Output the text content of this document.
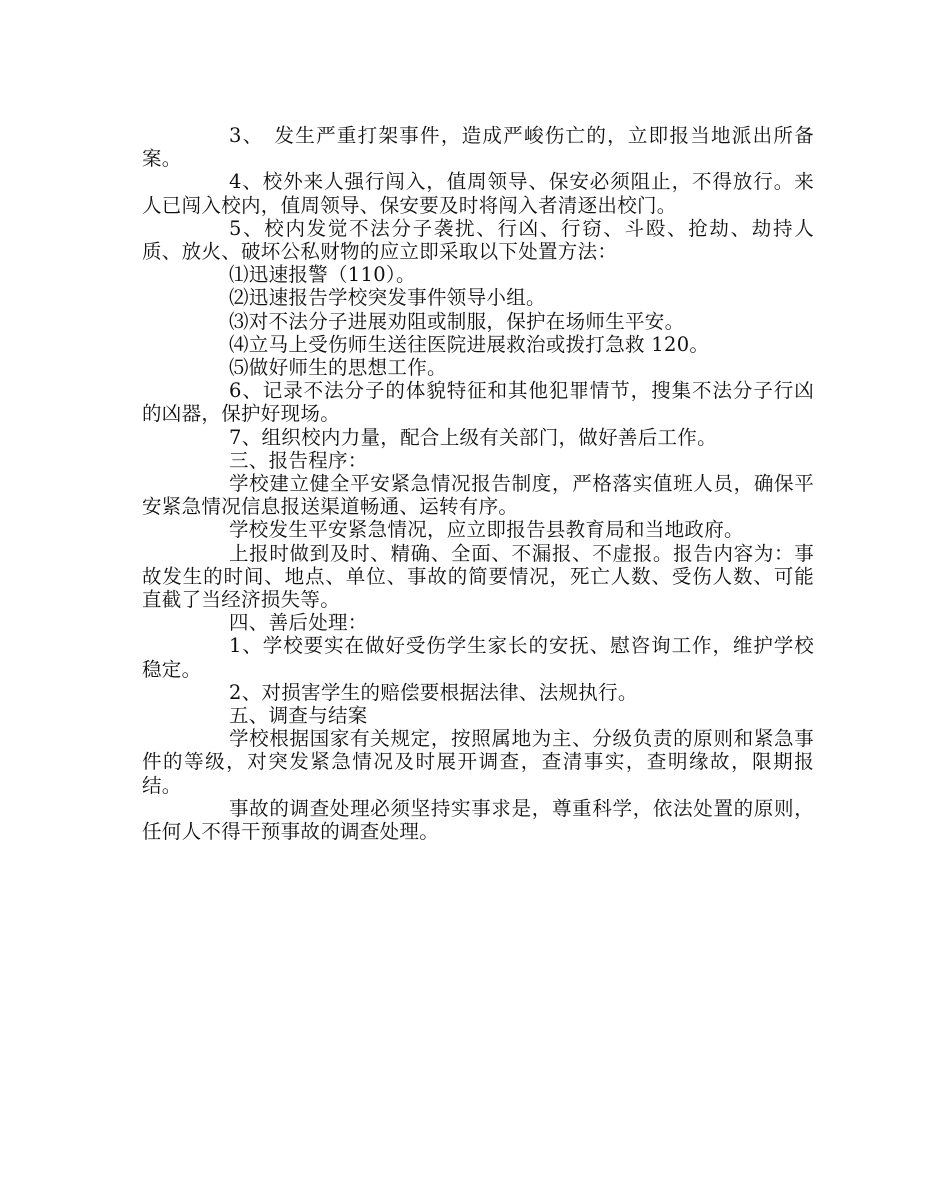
3、　发生严重打架事件，造成严峻伤亡的，立即报当地派出所备案。

4、校外来人强行闯入，值周领导、保安必须阻止，不得放行。来人已闯入校内，值周领导、保安要及时将闯入者清逐出校门。

5、校内发觉不法分子袭扰、行凶、行窃、斗殴、抢劫、劫持人质、放火、破坏公私财物的应立即采取以下处置方法：

⑴迅速报警（110）。

⑵迅速报告学校突发事件领导小组。

⑶对不法分子进展劝阻或制服，保护在场师生平安。

⑷立马上受伤师生送往医院进展救治或拨打急救 120。

⑸做好师生的思想工作。

6、记录不法分子的体貌特征和其他犯罪情节，搜集不法分子行凶的凶器，保护好现场。

7、组织校内力量，配合上级有关部门，做好善后工作。

三、报告程序：

学校建立健全平安紧急情况报告制度，严格落实值班人员，确保平安紧急情况信息报送渠道畅通、运转有序。

学校发生平安紧急情况，应立即报告县教育局和当地政府。

上报时做到及时、精确、全面、不漏报、不虚报。报告内容为：事故发生的时间、地点、单位、事故的简要情况，死亡人数、受伤人数、可能直截了当经济损失等。

四、善后处理：

1、学校要实在做好受伤学生家长的安抚、慰咨询工作，维护学校稳定。

2、对损害学生的赔偿要根据法律、法规执行。

五、调查与结案

学校根据国家有关规定，按照属地为主、分级负责的原则和紧急事件的等级，对突发紧急情况及时展开调查，查清事实，查明缘故，限期报结。

事故的调查处理必须坚持实事求是，尊重科学，依法处置的原则，任何人不得干预事故的调查处理。
